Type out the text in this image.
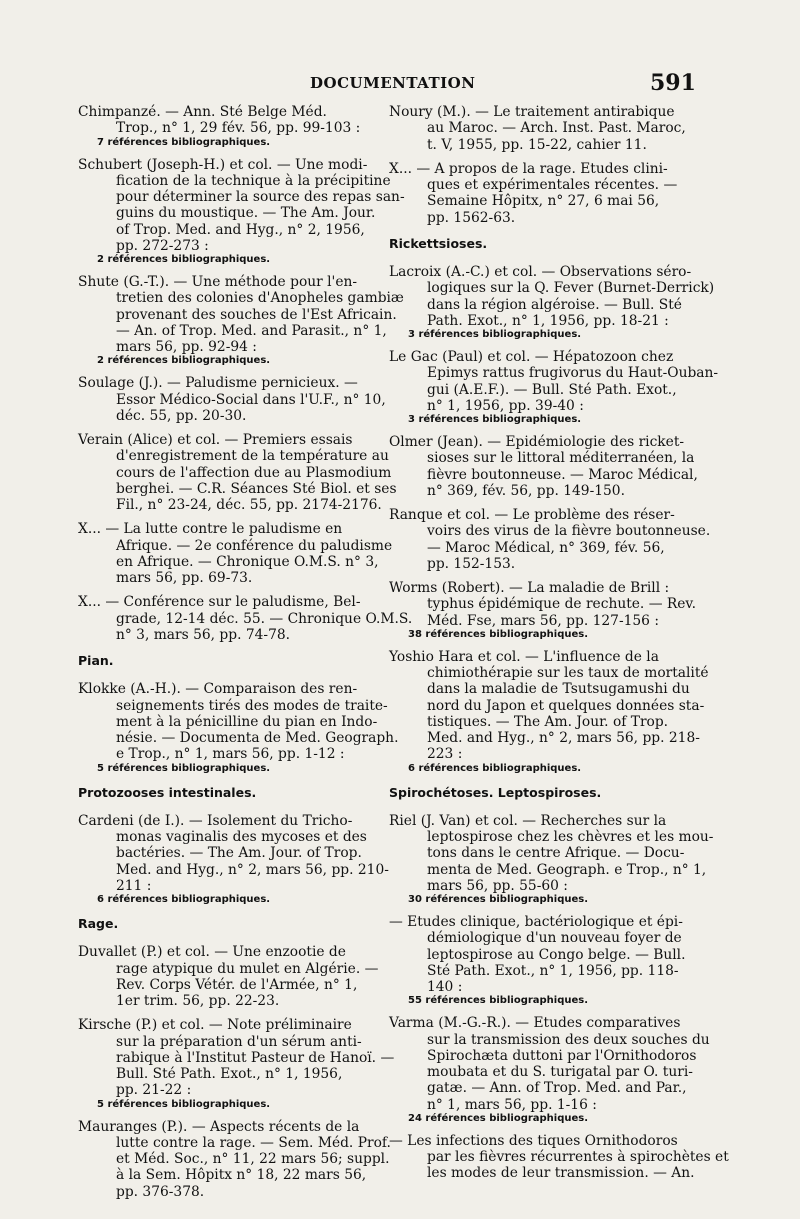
DOCUMENTATION	591
Chimpanzé. — Ann. Sté Belge Méd.
Trop., n° 1, 29 fév. 56, pp. 99-103 :
7 références bibliographiques.
Schubert (Joseph-H.) et col. — Une modi-
fication de la technique à la précipitine
pour déterminer la source des repas san-
guins du moustique. — The Am. Jour.
of Trop. Med. and Hyg., n° 2, 1956,
pp. 272-273 :
2 références bibliographiques.
Shute (G.-T.). — Une méthode pour l'en-
tretien des colonies d'Anopheles gambiæ
provenant des souches de l'Est Africain.
— An. of Trop. Med. and Parasit., n° 1,
mars 56, pp. 92-94 :
2 références bibliographiques.
Soulage (J.). — Paludisme pernicieux. —
Essor Médico-Social dans l'U.F., n° 10,
déc. 55, pp. 20-30.
Verain (Alice) et col. — Premiers essais
d'enregistrement de la température au
cours de l'affection due au Plasmodium
berghei. — C.R. Séances Sté Biol. et ses
Fil., n° 23-24, déc. 55, pp. 2174-2176.
X... — La lutte contre le paludisme en
Afrique. — 2e conférence du paludisme
en Afrique. — Chronique O.M.S. n° 3,
mars 56, pp. 69-73.
X... — Conférence sur le paludisme, Bel-
grade, 12-14 déc. 55. — Chronique O.M.S.
n° 3, mars 56, pp. 74-78.
Pian.
Klokke (A.-H.). — Comparaison des ren-
seignements tirés des modes de traite-
ment à la pénicilline du pian en Indo-
nésie. — Documenta de Med. Geograph.
e Trop., n° 1, mars 56, pp. 1-12 :
5 références bibliographiques.
Protozooses intestinales.
Cardeni (de I.). — Isolement du Tricho-
monas vaginalis des mycoses et des
bactéries. — The Am. Jour. of Trop.
Med. and Hyg., n° 2, mars 56, pp. 210-
211 :
6 références bibliographiques.
Rage.
Duvallet (P.) et col. — Une enzootie de
rage atypique du mulet en Algérie. —
Rev. Corps Vétér. de l'Armée, n° 1,
1er trim. 56, pp. 22-23.
Kirsche (P.) et col. — Note préliminaire
sur la préparation d'un sérum anti-
rabique à l'Institut Pasteur de Hanoï. —
Bull. Sté Path. Exot., n° 1, 1956,
pp. 21-22 :
5 références bibliographiques.
Mauranges (P.). — Aspects récents de la
lutte contre la rage. — Sem. Méd. Prof.
et Méd. Soc., n° 11, 22 mars 56; suppl.
à la Sem. Hôpitx n° 18, 22 mars 56,
pp. 376-378.
Noury (M.). — Le traitement antirabique
au Maroc. — Arch. Inst. Past. Maroc,
t. V, 1955, pp. 15-22, cahier 11.
X... — A propos de la rage. Etudes clini-
ques et expérimentales récentes. —
Semaine Hôpitx, n° 27, 6 mai 56,
pp. 1562-63.
Rickettsioses.
Lacroix (A.-C.) et col. — Observations séro-
logiques sur la Q. Fever (Burnet-Derrick)
dans la région algéroise. — Bull. Sté
Path. Exot., n° 1, 1956, pp. 18-21 :
3 références bibliographiques.
Le Gac (Paul) et col. — Hépatozoon chez
Epimys rattus frugivorus du Haut-Ouban-
gui (A.E.F.). — Bull. Sté Path. Exot.,
n° 1, 1956, pp. 39-40 :
3 références bibliographiques.
Olmer (Jean). — Epidémiologie des ricket-
sioses sur le littoral méditerranéen, la
fièvre boutonneuse. — Maroc Médical,
n° 369, fév. 56, pp. 149-150.
Ranque et col. — Le problème des réser-
voirs des virus de la fièvre boutonneuse.
— Maroc Médical, n° 369, fév. 56,
pp. 152-153.
Worms (Robert). — La maladie de Brill :
typhus épidémique de rechute. — Rev.
Méd. Fse, mars 56, pp. 127-156 :
38 références bibliographiques.
Yoshio Hara et col. — L'influence de la
chimiothérapie sur les taux de mortalité
dans la maladie de Tsutsugamushi du
nord du Japon et quelques données sta-
tistiques. — The Am. Jour. of Trop.
Med. and Hyg., n° 2, mars 56, pp. 218-
223 :
6 références bibliographiques.
Spirochétoses. Leptospiroses.
Riel (J. Van) et col. — Recherches sur la
leptospirose chez les chèvres et les mou-
tons dans le centre Afrique. — Docu-
menta de Med. Geograph. e Trop., n° 1,
mars 56, pp. 55-60 :
30 références bibliographiques.
— Etudes clinique, bactériologique et épi-
démiologique d'un nouveau foyer de
leptospirose au Congo belge. — Bull.
Sté Path. Exot., n° 1, 1956, pp. 118-
140 :
55 références bibliographiques.
Varma (M.-G.-R.). — Etudes comparatives
sur la transmission des deux souches du
Spirochæta duttoni par l'Ornithodoros
moubata et du S. turigatal par O. turi-
gatæ. — Ann. of Trop. Med. and Par.,
n° 1, mars 56, pp. 1-16 :
24 références bibliographiques.
— Les infections des tiques Ornithodoros
par les fièvres récurrentes à spirochètes et
les modes de leur transmission. — An.
